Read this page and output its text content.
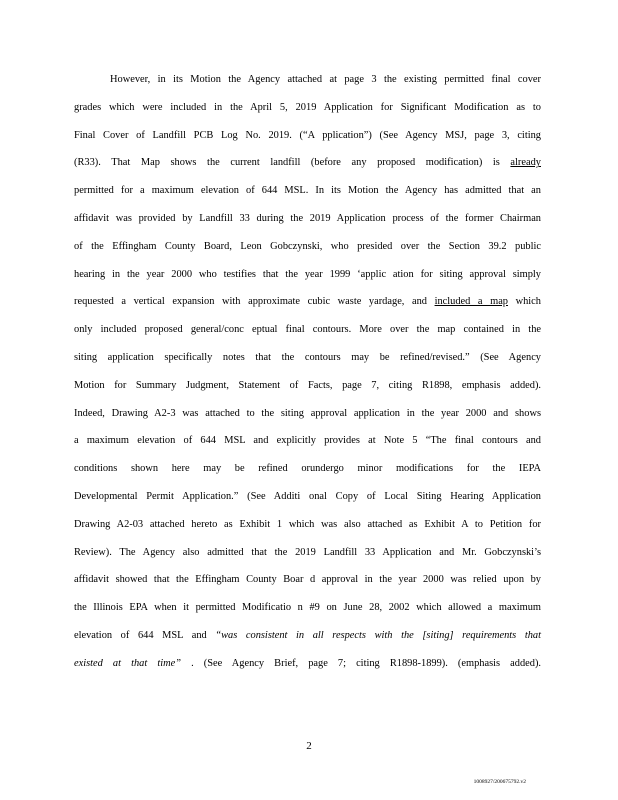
However, in its Motion the Agency attached at page 3 the existing permitted final cover
grades which were included in the April 5, 2019 Application for Significant Modification as to
Final Cover of Landfill PCB Log No. 2019. (“A pplication”) (See Agency MSJ, page 3, citing
(R33). That Map shows the current landfill (before any proposed modification) is already
permitted for a maximum elevation of 644 MSL. In its Motion the Agency has admitted that an
affidavit was provided by Landfill 33 during the 2019 Application process of the former Chairman
of the Effingham County Board, Leon Gobczynski, who presided over the Section 39.2 public
hearing in the year 2000 who testifies that the year 1999 ‘applic ation for siting approval simply
requested a vertical expansion with approximate cubic waste yardage, and included a map which
only included proposed general/conc eptual final contours. More over the map contained in the
siting application specifically notes that the contours may be refined/revised.” (See Agency
Motion for Summary Judgment, Statement of Facts, page 7, citing R1898, emphasis added).
Indeed, Drawing A2-3 was attached to the siting approval application in the year 2000 and shows
a maximum elevation of 644 MSL and explicitly provides at Note 5 “The final contours and
conditions shown here may be refined orundergo minor modifications for the IEPA
Developmental Permit Application.” (See Additi onal Copy of Local Siting Hearing Application
Drawing A2-03 attached hereto as Exhibit 1 which was also attached as Exhibit A to Petition for
Review). The Agency also admitted that the 2019 Landfill 33 Application and Mr. Gobczynski’s
affidavit showed that the Effingham County Boar d approval in the year 2000 was relied upon by
the Illinois EPA when it permitted Modificatio n #9 on June 28, 2002 which allowed a maximum
elevation of 644 MSL and “was consistent in all respects with the [siting] requirements that
existed at that time” . (See Agency Brief, page 7; citing R1898-1899). (emphasis added).
2
1008927/200675792.v2
